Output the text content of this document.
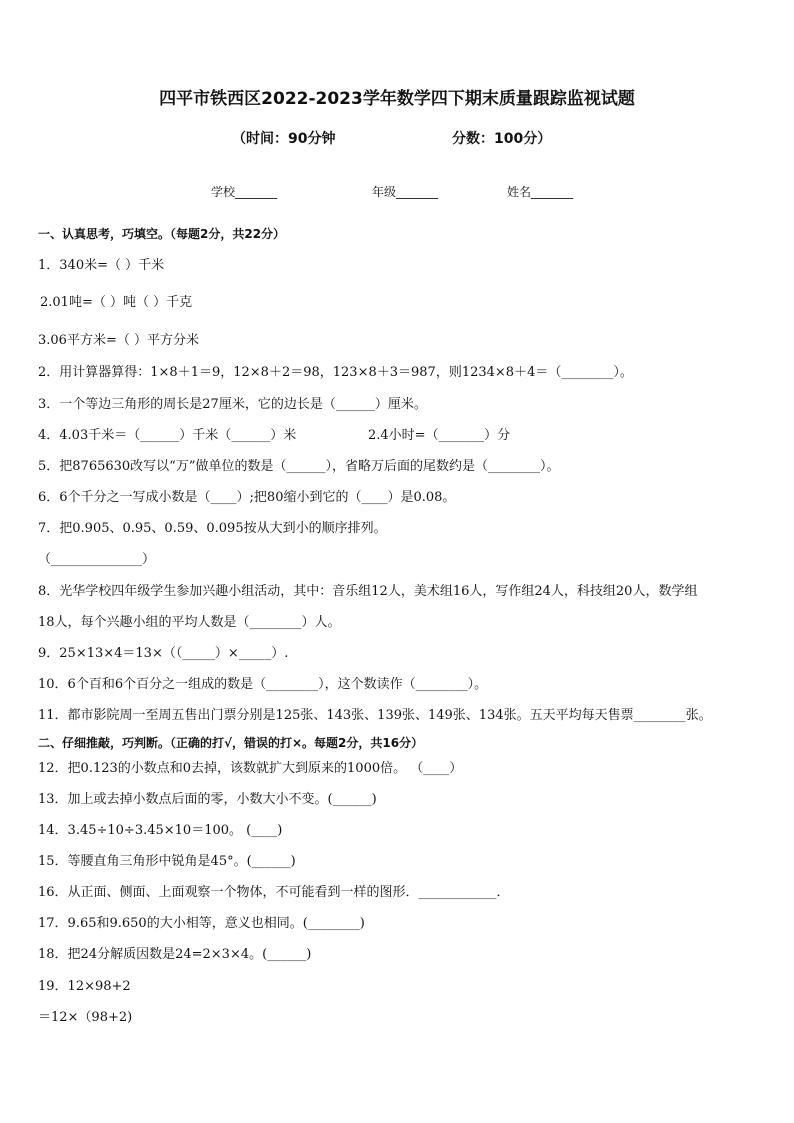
四平市铁西区2022-2023学年数学四下期末质量跟踪监视试题
（时间：90分钟	分数：100分）
学校_______	年级_______	姓名_______
一、认真思考，巧填空。（每题2分，共22分）
1．340米=（ ）千米
2.01吨=（ ）吨（ ）千克
3.06平方米=（ ）平方分米
2．用计算器算得：1×8＋1＝9，12×8＋2＝98，123×8＋3＝987，则1234×8＋4＝（________）。
3．一个等边三角形的周长是27厘米，它的边长是（______）厘米。
4．4.03千米＝（______）千米（______）米	2.4小时=（_______）分
5．把8765630改写以“万”做单位的数是（______），省略万后面的尾数约是（________）。
6．6个千分之一写成小数是（____）;把80缩小到它的（____）是0.08。
7．把0.905、0.95、0.59、0.095按从大到小的顺序排列。
（______________）
8．光华学校四年级学生参加兴趣小组活动，其中：音乐组12人，美术组16人，写作组24人，科技组20人，数学组
18人，每个兴趣小组的平均人数是（________）人。
9．25×13×4＝13×（（_____）×_____）.
10．6个百和6个百分之一组成的数是（________），这个数读作（________）。
11．都市影院周一至周五售出门票分别是125张、143张、139张、149张、134张。五天平均每天售票________张。
二、仔细推敲，巧判断。（正确的打√，错误的打×。每题2分，共16分）
12．把0.123的小数点和0去掉，该数就扩大到原来的1000倍。 （____）
13．加上或去掉小数点后面的零，小数大小不变。(______)
14．3.45÷10÷3.45×10＝100。 (____)
15．等腰直角三角形中锐角是45°。(______)
16．从正面、侧面、上面观察一个物体，不可能看到一样的图形．____________．
17．9.65和9.650的大小相等，意义也相同。(________)
18．把24分解质因数是24=2×3×4。(______)
19．12×98+2
＝12×（98+2)
